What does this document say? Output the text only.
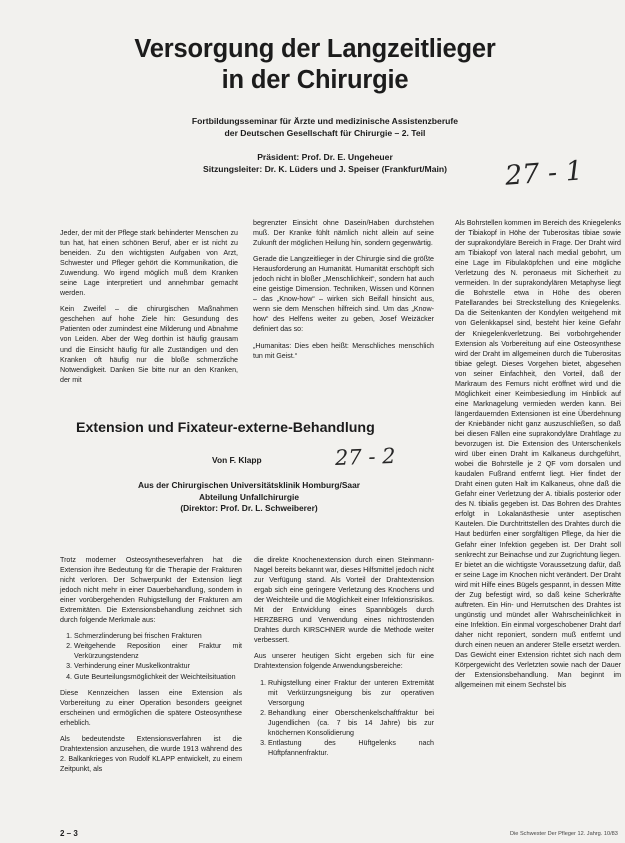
Versorgung der Langzeitlieger
in der Chirurgie
Fortbildungsseminar für Ärzte und medizinische Assistenzberufe
der Deutschen Gesellschaft für Chirurgie – 2. Teil
Präsident: Prof. Dr. E. Ungeheuer
Sitzungsleiter: Dr. K. Lüders und J. Speiser (Frankfurt/Main)	27 - 1

Jeder, der mit der Pflege stark behinderter Menschen zu tun hat, hat einen schönen Beruf, aber er ist nicht zu beneiden. Zu den wichtigsten Aufgaben von Arzt, Schwester und Pfleger gehört die Kommunikation, die Zuwendung. Wo irgend möglich muß dem Kranken seine Lage interpretiert und annehmbar gemacht werden.

Kein Zweifel – die chirurgischen Maßnahmen geschehen auf hohe Ziele hin: Gesundung des Patienten oder zumindest eine Milderung und Abnahme von Leiden. Aber der Weg dorthin ist häufig grausam und die Einsicht häufig für alle Zuständigen und den Kranken oft häufig nur die bloße schmerzliche Notwendigkeit. Danken Sie bitte nur an den Kranken, der mit

begrenzter Einsicht ohne Dasein/Haben durchstehen muß. Der Kranke fühlt nämlich nicht allein auf seine Zukunft der möglichen Heilung hin, sondern gegenwärtig.

Gerade die Langzeitlieger in der Chirurgie sind die größte Herausforderung an Humanität. Humanität erschöpft sich jedoch nicht in bloßer „Menschlichkeit“, sondern hat auch eine geistige Dimension. Techniken, Wissen und Können – das „Know-how“ – wirken sich Beifall hinsicht aus, wenn sie dem Menschen hilfreich sind. Um das „Know-how“ des Helfens weiter zu geben, Josef Weizäcker definiert das so:

„Humanitas: Dies eben heißt: Menschliches menschlich tun mit Geist.“

Extension und Fixateur-externe-Behandlung
Von F. Klapp	27 - 2
Aus der Chirurgischen Universitätsklinik Homburg/Saar
Abteilung Unfallchirurgie
(Direktor: Prof. Dr. L. Schweiberer)

Trotz moderner Osteosyntheseverfahren hat die Extension ihre Bedeutung für die Therapie der Frakturen nicht verloren. Der Schwerpunkt der Extension liegt jedoch nicht mehr in einer Dauerbehandlung, sondern in einer vorübergehenden Ruhigstellung der Frakturen am Extremitäten. Die Extensionsbehandlung zeichnet sich durch folgende Merkmale aus:

1. Schmerzlinderung bei frischen Frakturen
2. Weitgehende Reposition einer Fraktur mit Verkürzungstendenz
3. Verhinderung einer Muskelkontraktur
4. Gute Beurteilungsmöglichkeit der Weichteilsituation

Diese Kennzeichen lassen eine Extension als Vorbereitung zu einer Operation besonders geeignet erscheinen und ermöglichen die spätere Osteosynthese erheblich.

Als bedeutendste Extensionsverfahren ist die Drahtextension anzusehen, die wurde 1913 während des 2. Balkankrieges von Rudolf KLAPP entwickelt, zu einem Zeitpunkt, als

die direkte Knochenextension durch einen Steinmann-Nagel bereits bekannt war, dieses Hilfsmittel jedoch nicht zur Verfügung stand. Als Vorteil der Drahtextension ergab sich eine geringere Verletzung des Knochens und der Weichteile und die Möglichkeit einer Infektionsrisikos. Mit der Entwicklung eines Spannbügels durch HERZBERG und Verwendung eines nichtrostenden Drahtes durch KIRSCHNER wurde die Methode weiter verbessert.

Aus unserer heutigen Sicht ergeben sich für eine Drahtextension folgende Anwendungsbereiche:

1. Ruhigstellung einer Fraktur der unteren Extremität mit Verkürzungsneigung bis zur operativen Versorgung
2. Behandlung einer Oberschenkelschaftfraktur bei Jugendlichen (ca. 7 bis 14 Jahre) bis zur knöchernen Konsolidierung
3. Entlastung des Hüftgelenks nach Hüftpfannenfraktur.

Als Bohrstellen kommen im Bereich des Kniegelenks der Tibiakopf in Höhe der Tuberositas tibiae sowie der suprakondyläre Bereich in Frage. Der Draht wird am Tibiakopf von lateral nach medial gebohrt, um eine Lage im Fibulaköpfchen und eine mögliche Verletzung des N. peronaeus mit Sicherheit zu vermeiden. In der suprakondylären Metaphyse liegt die Bohrstelle etwa in Höhe des oberen Patellarandes bei Streckstellung des Kniegelenks. Da die Seitenkanten der Kondylen weitgehend mit von Gelenkkapsel sind, besteht hier keine Gefahr der Kniegelenkverletzung. Bei vorbohrgehender Extension als Vorbereitung auf eine Osteosynthese wird der Draht im allgemeinen durch die Tuberositas tibiae gelegt. Dieses Vorgehen bietet, abgesehen von seiner Einfachheit, den Vorteil, daß der Markraum des Femurs nicht eröffnet wird und die Möglichkeit einer Keimbesiedlung im Hinblick auf eine Marknagelung vermieden werden kann. Bei längerdauernden Extensionen ist eine Überdehnung der Kniebänder nicht ganz auszuschließen, so daß bei diesen Fällen eine suprakondyläre Drahtlage zu bevorzugen ist. Die Extension des Unterschenkels wird über einen Draht im Kalkaneus durchgeführt, wobei die Bohrstelle je 2 QF vom dorsalen und kaudalen Fußrand entfernt liegt. Hier findet der Draht einen guten Halt im Kalkaneus, ohne daß die Gefahr einer Verletzung der A. tibialis posterior oder des N. tibialis gegeben ist. Das Bohren des Drahtes erfolgt in Lokalanästhesie unter aseptischen Kautelen. Die Durchtrittstellen des Drahtes durch die Haut bedürfen einer sorgfältigen Pflege, da hier die Gefahr einer Infektion gegeben ist. Der Draht soll senkrecht zur Beinachse und zur Zugrichtung liegen. Er bietet an die wichtigste Voraussetzung dafür, daß er seine Lage im Knochen nicht verändert. Der Draht wird mit Hilfe eines Bügels gespannt, in dessen Mitte der Zug befestigt wird, so daß keine Scherkräfte auftreten. Ein Hin- und Herrutschen des Drahtes ist ungünstig und mündet aller Wahrscheinlichkeit in eine Infektion. Ein einmal vorgeschobener Draht darf daher nicht reponiert, sondern muß entfernt und durch einen neuen an anderer Stelle ersetzt werden. Das Gewicht einer Extension richtet sich nach dem Körpergewicht des Verletzten sowie nach der Dauer der Extensionsbehandlung. Man beginnt im allgemeinen mit einem Sechstel bis

2 – 3	Die Schwester Der Pfleger 12. Jahrg. 10/83
